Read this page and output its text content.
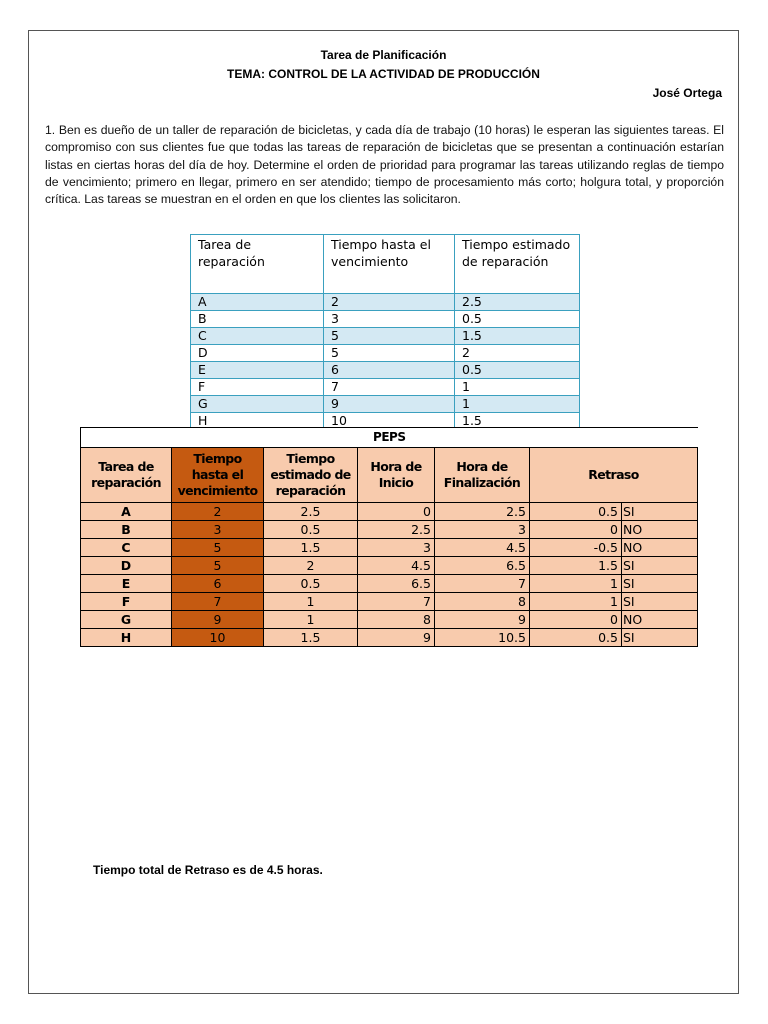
Tarea de Planificación
TEMA: CONTROL DE LA ACTIVIDAD DE PRODUCCIÓN
José Ortega
1. Ben es dueño de un taller de reparación de bicicletas, y cada día de trabajo (10 horas) le esperan las siguientes tareas. El compromiso con sus clientes fue que todas las tareas de reparación de bicicletas que se presentan a continuación estarían listas en ciertas horas del día de hoy. Determine el orden de prioridad para programar las tareas utilizando reglas de tiempo de vencimiento; primero en llegar, primero en ser atendido; tiempo de procesamiento más corto; holgura total, y proporción crítica. Las tareas se muestran en el orden en que los clientes las solicitaron.
Tarea de reparación	Tiempo hasta el vencimiento	Tiempo estimado de reparación
A	2	2.5
B	3	0.5
C	5	1.5
D	5	2
E	6	0.5
F	7	1
G	9	1
H	10	1.5
PEPS						
Tarea de reparación	Tiempo hasta el vencimiento	Tiempo estimado de reparación	Hora de Inicio	Hora de Finalización	Retraso	
A	2	2.5	0	2.5	0.5	SI
B	3	0.5	2.5	3	0	NO
C	5	1.5	3	4.5	-0.5	NO
D	5	2	4.5	6.5	1.5	SI
E	6	0.5	6.5	7	1	SI
F	7	1	7	8	1	SI
G	9	1	8	9	0	NO
H	10	1.5	9	10.5	0.5	SI
Tiempo total de Retraso es de 4.5 horas.
